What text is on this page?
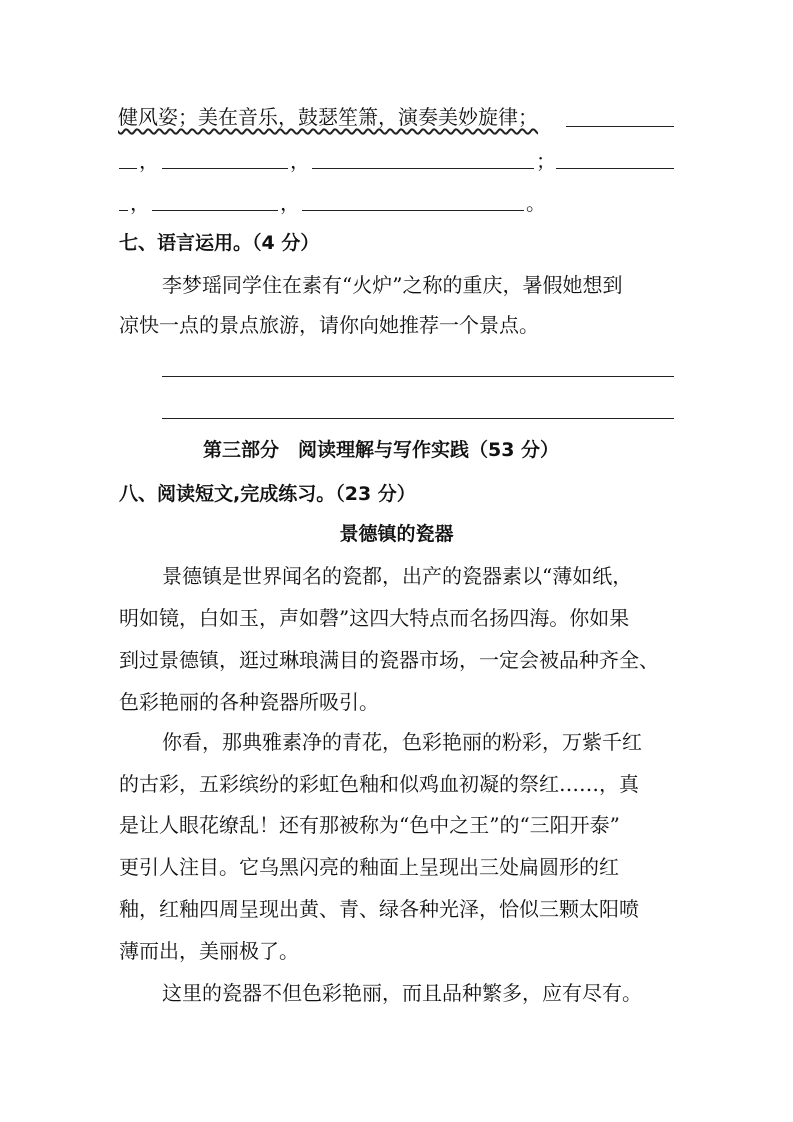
健风姿；美在音乐，鼓瑟笙箫，演奏美妙旋律；
，	，	；
，	，	。
七、语言运用。（4 分）
李梦瑶同学住在素有“火炉”之称的重庆，暑假她想到
凉快一点的景点旅游，请你向她推荐一个景点。
第三部分　阅读理解与写作实践（53 分）
八、阅读短文,完成练习。（23 分）
景德镇的瓷器
景德镇是世界闻名的瓷都，出产的瓷器素以“薄如纸，
明如镜，白如玉，声如磬”这四大特点而名扬四海。你如果
到过景德镇，逛过琳琅满目的瓷器市场，一定会被品种齐全、
色彩艳丽的各种瓷器所吸引。
你看，那典雅素净的青花，色彩艳丽的粉彩，万紫千红
的古彩，五彩缤纷的彩虹色釉和似鸡血初凝的祭红……，真
是让人眼花缭乱！还有那被称为“色中之王”的“三阳开泰”
更引人注目。它乌黑闪亮的釉面上呈现出三处扁圆形的红
釉，红釉四周呈现出黄、青、绿各种光泽，恰似三颗太阳喷
薄而出，美丽极了。
这里的瓷器不但色彩艳丽，而且品种繁多，应有尽有。
